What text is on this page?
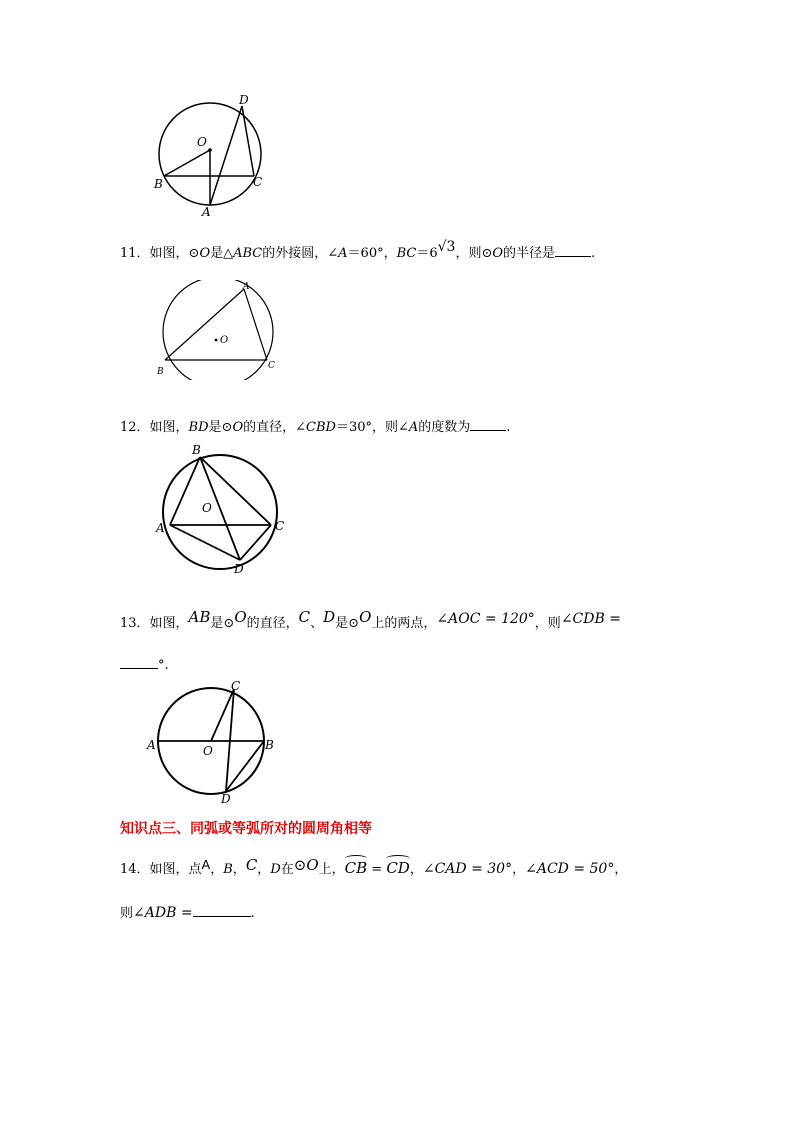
O
B
A
C
D
11．如图，⊙O是△ABC的外接圆，∠A＝60°，BC＝6√3，则⊙O的半径是	.
A
O
B
C
12．如图，BD是⊙O的直径，∠CBD＝30°，则∠A的度数为	.
B
O
A	C
D
13．如图，AB是⊙O的直径，C、D是⊙O上的两点，∠AOC = 120°，则∠CDB =
°.
C
A	O	B
D
知识点三、同弧或等弧所对的圆周角相等
14．如图，点A，B，C，D在⊙O上，CB = CD，∠CAD = 30°，∠ACD = 50°，
则∠ADB =	.
